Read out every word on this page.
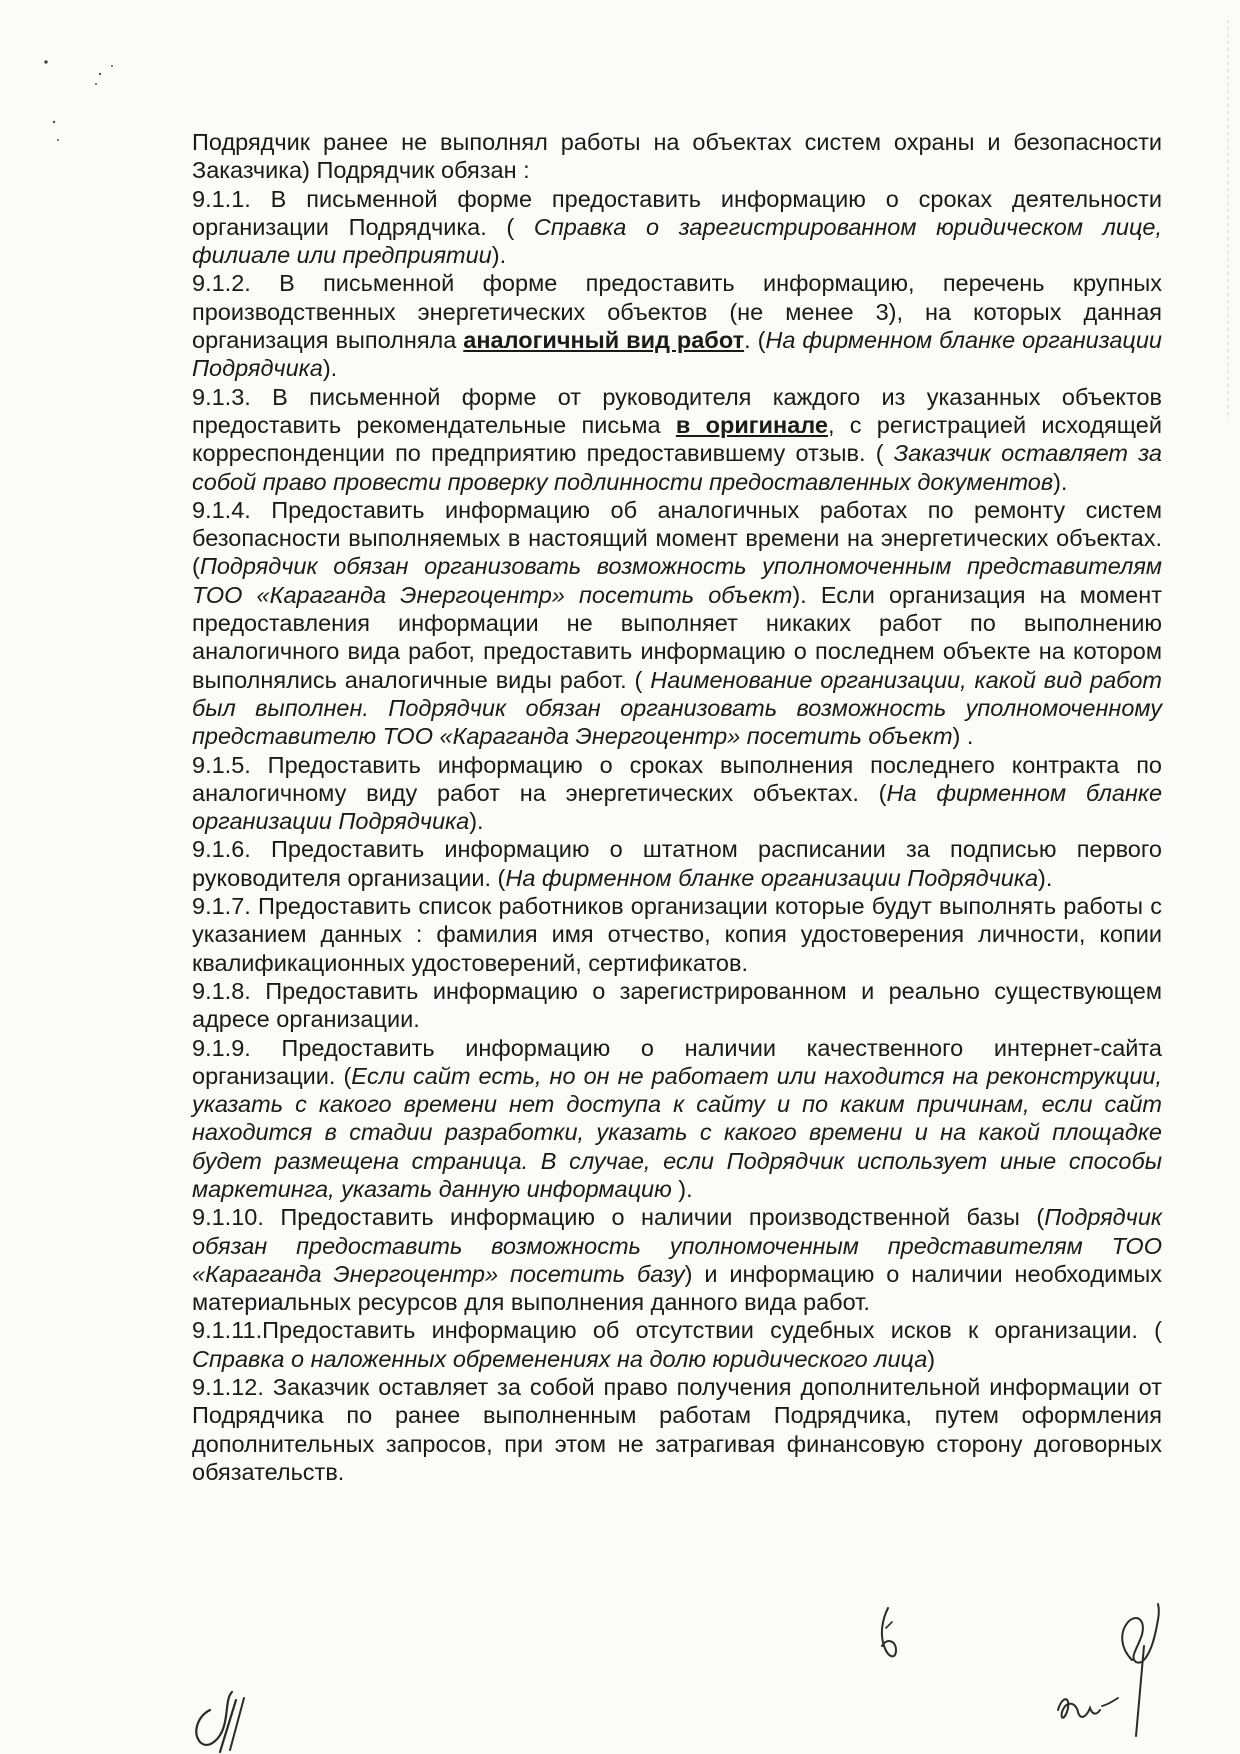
Подрядчик ранее не выполнял работы на объектах систем охраны и безопасности Заказчика) Подрядчик обязан :

9.1.1. В письменной форме предоставить информацию о сроках деятельности организации Подрядчика. ( Справка о зарегистрированном юридическом лице, филиале или предприятии).

9.1.2. В письменной форме предоставить информацию, перечень крупных производственных энергетических объектов (не менее 3), на которых данная организация выполняла аналогичный вид работ. (На фирменном бланке организации Подрядчика).

9.1.3. В письменной форме от руководителя каждого из указанных объектов предоставить рекомендательные письма в оригинале, с регистрацией исходящей корреспонденции по предприятию предоставившему отзыв. ( Заказчик оставляет за собой право провести проверку подлинности предоставленных документов).

9.1.4. Предоставить информацию об аналогичных работах по ремонту систем безопасности выполняемых в настоящий момент времени на энергетических объектах. (Подрядчик обязан организовать возможность уполномоченным представителям ТОО «Караганда Энергоцентр» посетить объект). Если организация на момент предоставления информации не выполняет никаких работ по выполнению аналогичного вида работ, предоставить информацию о последнем объекте на котором выполнялись аналогичные виды работ. ( Наименование организации, какой вид работ был выполнен. Подрядчик обязан организовать возможность уполномоченному представителю ТОО «Караганда Энергоцентр» посетить объект) .

9.1.5. Предоставить информацию о сроках выполнения последнего контракта по аналогичному виду работ на энергетических объектах. (На фирменном бланке организации Подрядчика).

9.1.6. Предоставить информацию о штатном расписании за подписью первого руководителя организации. (На фирменном бланке организации Подрядчика).

9.1.7. Предоставить список работников организации которые будут выполнять работы с указанием данных : фамилия имя отчество, копия удостоверения личности, копии квалификационных удостоверений, сертификатов.

9.1.8. Предоставить информацию о зарегистрированном и реально существующем адресе организации.

9.1.9. Предоставить информацию о наличии качественного интернет-сайта организации. (Если сайт есть, но он не работает или находится на реконструкции, указать с какого времени нет доступа к сайту и по каким причинам, если сайт находится в стадии разработки, указать с какого времени и на какой площадке будет размещена страница. В случае, если Подрядчик использует иные способы маркетинга, указать данную информацию ).

9.1.10. Предоставить информацию о наличии производственной базы (Подрядчик обязан предоставить возможность уполномоченным представителям ТОО «Караганда Энергоцентр» посетить базу) и информацию о наличии необходимых материальных ресурсов для выполнения данного вида работ.

9.1.11.Предоставить информацию об отсутствии судебных исков к организации. ( Справка о наложенных обременениях на долю юридического лица)

9.1.12. Заказчик оставляет за собой право получения дополнительной информации от Подрядчика по ранее выполненным работам Подрядчика, путем оформления дополнительных запросов, при этом не затрагивая финансовую сторону договорных обязательств.
